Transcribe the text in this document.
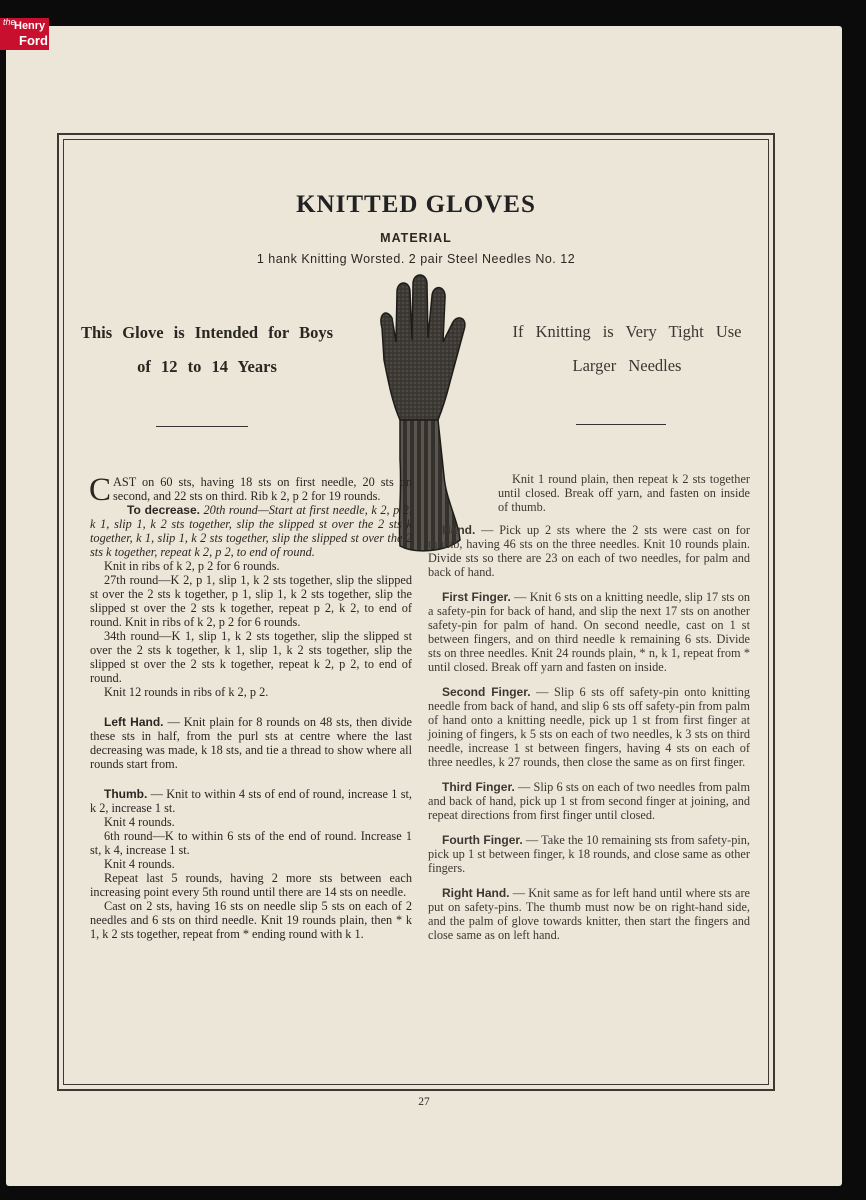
the
Henry
Ford
KNITTED GLOVES
MATERIAL
1 hank Knitting Worsted. 2 pair Steel Needles No. 12
This Glove is Intended for Boys of 12 to 14 Years
If Knitting is Very Tight Use Larger Needles

CAST on 60 sts, having 18 sts on first needle, 20 sts on second, and 22 sts on third. Rib k 2, p 2 for 19 rounds.

To decrease. 20th round—Start at first needle, k 2, p 2, k 1, slip 1, k 2 sts together, slip the slipped st over the 2 sts k together, k 1, slip 1, k 2 sts together, slip the slipped st over the 2 sts k together, repeat k 2, p 2, to end of round.

Knit in ribs of k 2, p 2 for 6 rounds.

27th round—K 2, p 1, slip 1, k 2 sts together, slip the slipped st over the 2 sts k together, p 1, slip 1, k 2 sts together, slip the slipped st over the 2 sts k together, repeat p 2, k 2, to end of round. Knit in ribs of k 2, p 2 for 6 rounds.

34th round—K 1, slip 1, k 2 sts together, slip the slipped st over the 2 sts k together, k 1, slip 1, k 2 sts together, slip the slipped st over the 2 sts k together, repeat k 2, p 2, to end of round.

Knit 12 rounds in ribs of k 2, p 2.

Left Hand. — Knit plain for 8 rounds on 48 sts, then divide these sts in half, from the purl sts at centre where the last decreasing was made, k 18 sts, and tie a thread to show where all rounds start from.

Thumb. — Knit to within 4 sts of end of round, increase 1 st, k 2, increase 1 st.

Knit 4 rounds.

6th round—K to within 6 sts of the end of round. Increase 1 st, k 4, increase 1 st.

Knit 4 rounds.

Repeat last 5 rounds, having 2 more sts between each increasing point every 5th round until there are 14 sts on needle.

Cast on 2 sts, having 16 sts on needle slip 5 sts on each of 2 needles and 6 sts on third needle. Knit 19 rounds plain, then * k 1, k 2 sts together, repeat from * ending round with k 1.

Knit 1 round plain, then repeat k 2 sts together until closed. Break off yarn, and fasten on inside of thumb.

Hand. — Pick up 2 sts where the 2 sts were cast on for thumb, having 46 sts on the three needles. Knit 10 rounds plain. Divide sts so there are 23 on each of two needles, for palm and back of hand.

First Finger. — Knit 6 sts on a knitting needle, slip 17 sts on a safety-pin for back of hand, and slip the next 17 sts on another safety-pin for palm of hand. On second needle, cast on 1 st between fingers, and on third needle k remaining 6 sts. Divide sts on three needles. Knit 24 rounds plain, * n, k 1, repeat from * until closed. Break off yarn and fasten on inside.

Second Finger. — Slip 6 sts off safety-pin onto knitting needle from back of hand, and slip 6 sts off safety-pin from palm of hand onto a knitting needle, pick up 1 st from first finger at joining of fingers, k 5 sts on each of two needles, k 3 sts on third needle, increase 1 st between fingers, having 4 sts on each of three needles, k 27 rounds, then close the same as on first finger.

Third Finger. — Slip 6 sts on each of two needles from palm and back of hand, pick up 1 st from second finger at joining, and repeat directions from first finger until closed.

Fourth Finger. — Take the 10 remaining sts from safety-pin, pick up 1 st between finger, k 18 rounds, and close same as other fingers.

Right Hand. — Knit same as for left hand until where sts are put on safety-pins. The thumb must now be on right-hand side, and the palm of glove towards knitter, then start the fingers and close same as on left hand.

27
